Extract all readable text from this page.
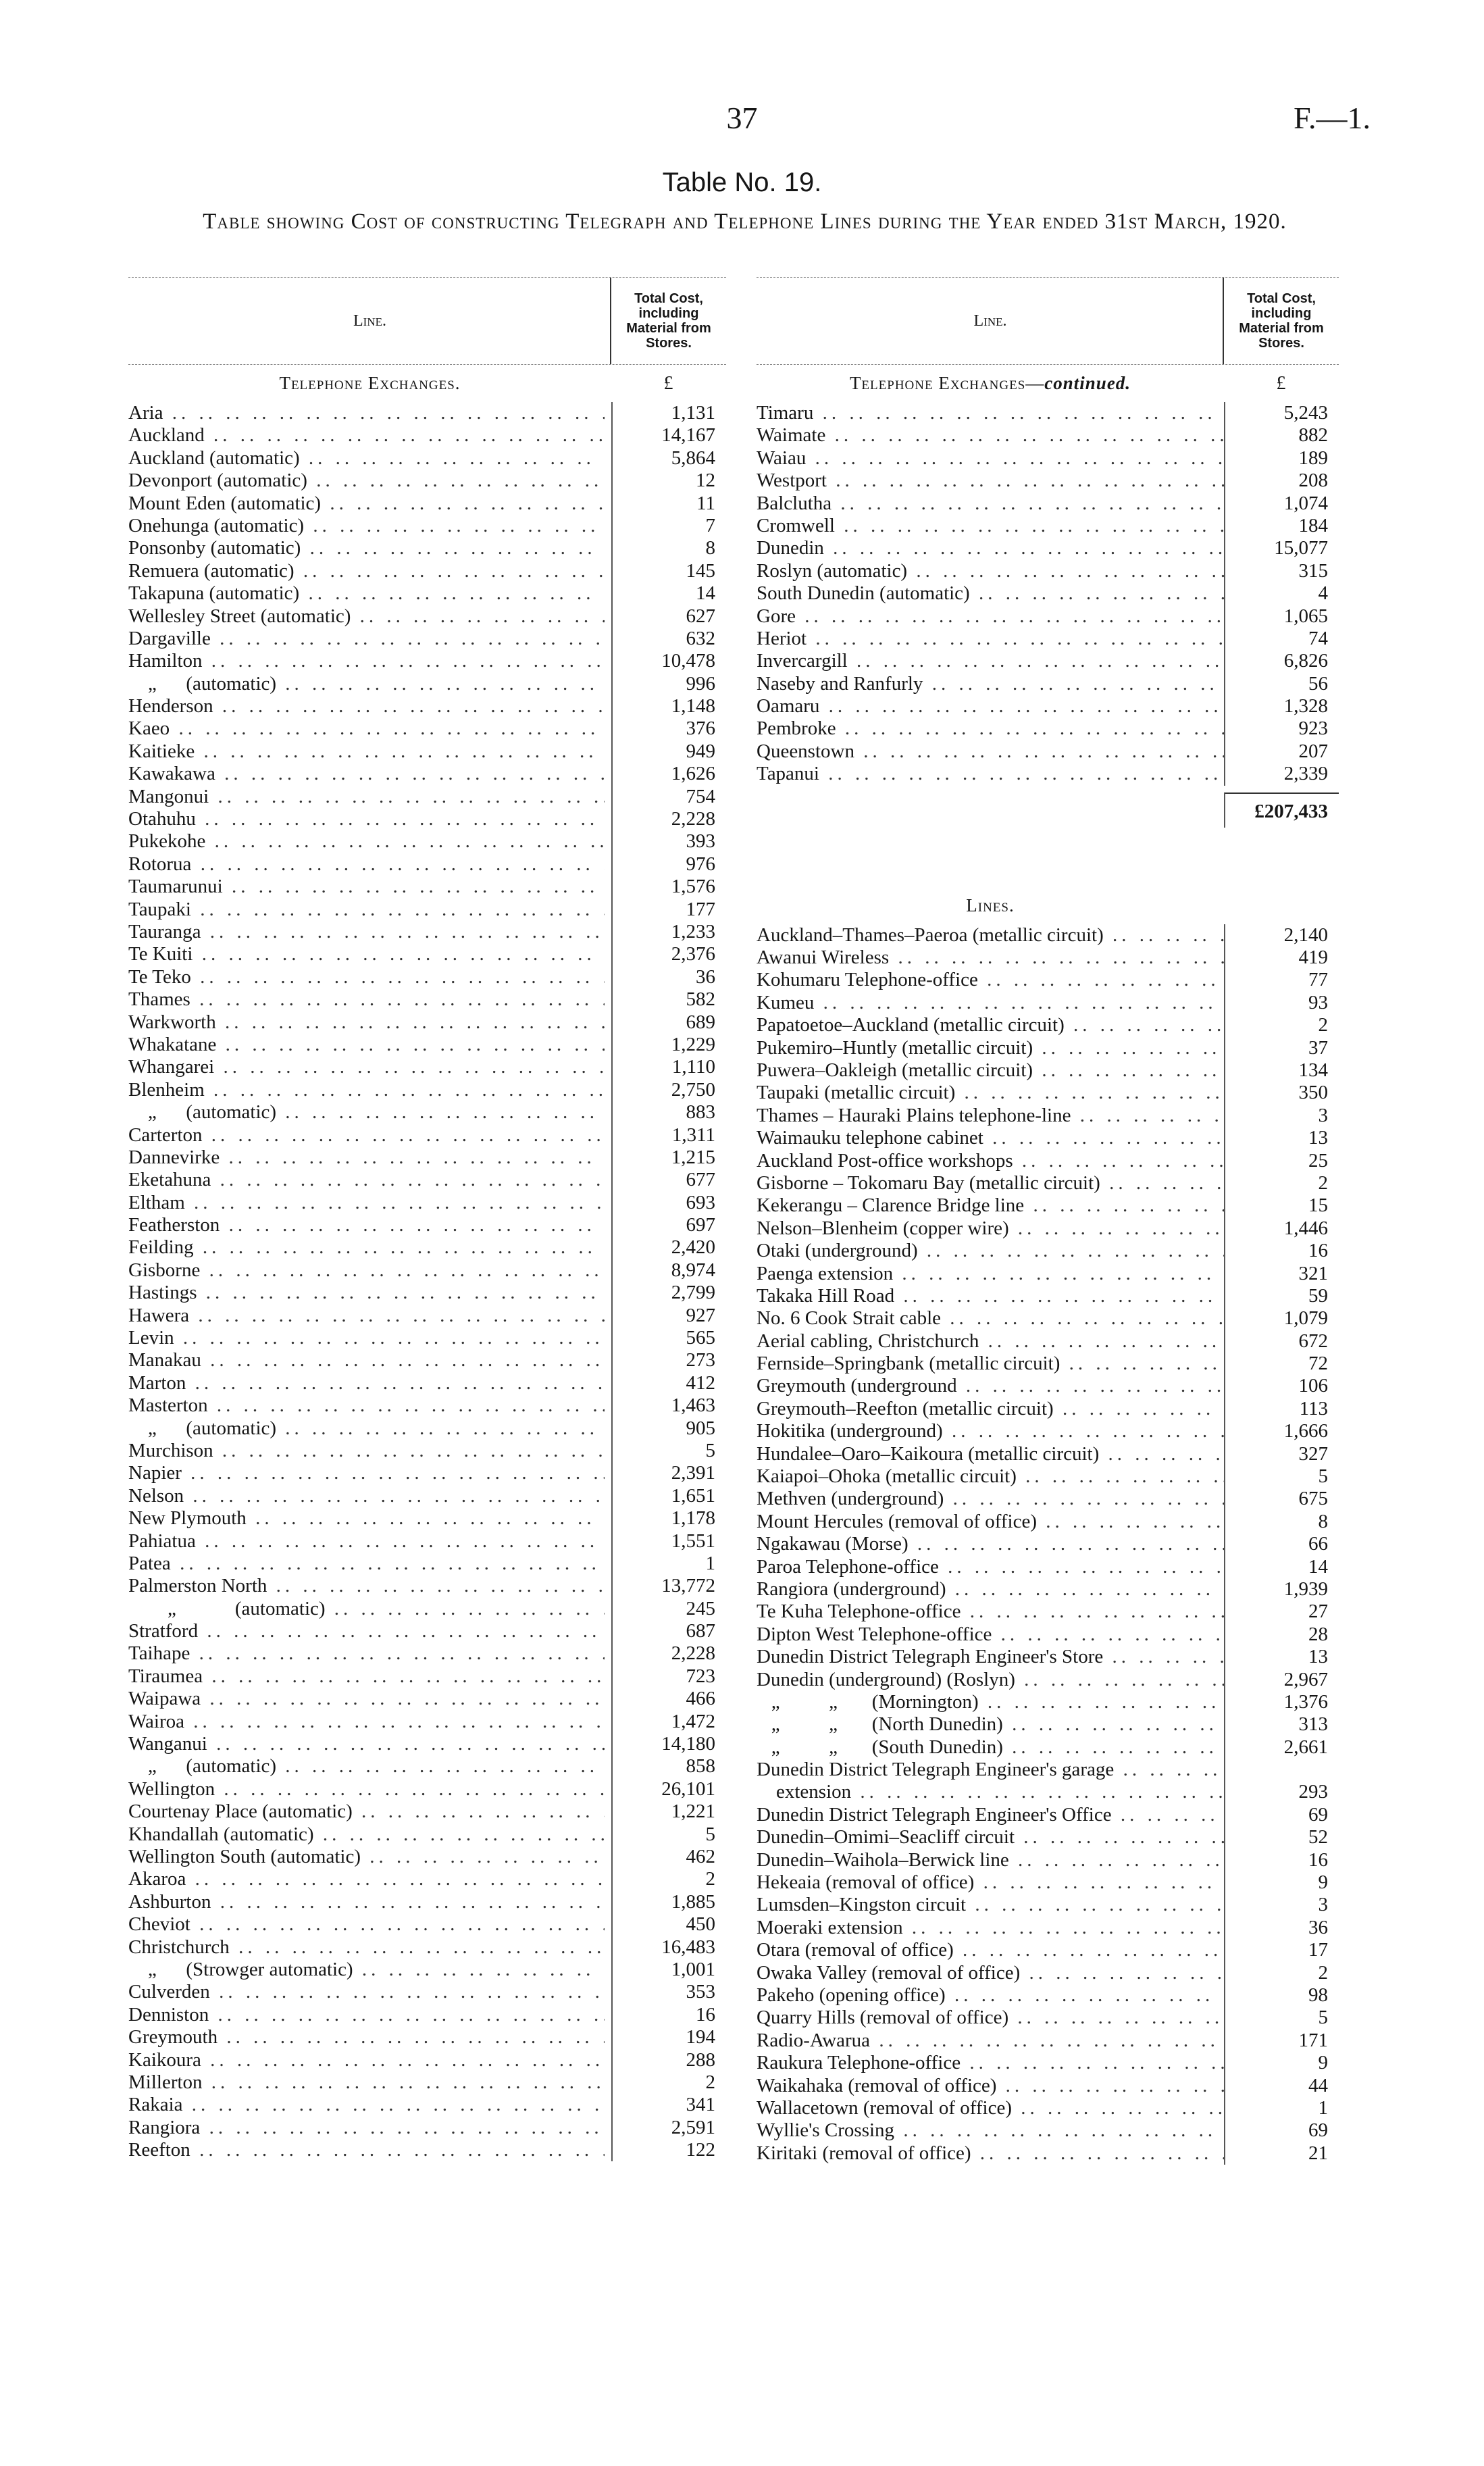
37	F.—1.
Table No. 19.
Table showing Cost of constructing Telegraph and Telephone Lines during the Year ended 31st March, 1920.
Line.
Total Cost, including Material from Stores.
Telephone Exchanges.	£
Aria .. ..	1,131
Auckland .. ..	14,167
Auckland (automatic) .. ..	5,864
Devonport (automatic) .. ..	12
Mount Eden (automatic) .. ..	11
Onehunga (automatic) .. ..	7
Ponsonby (automatic) .. ..	8
Remuera (automatic) .. ..	145
Takapuna (automatic) .. ..	14
Wellesley Street (automatic) .. ..	627
Dargaville .. ..	632
Hamilton .. ..	10,478
„      (automatic) .. ..	996
Henderson .. ..	1,148
Kaeo .. ..	376
Kaitieke .. ..	949
Kawakawa .. ..	1,626
Mangonui .. ..	754
Otahuhu .. ..	2,228
Pukekohe .. ..	393
Rotorua .. ..	976
Taumarunui .. ..	1,576
Taupaki .. ..	177
Tauranga .. ..	1,233
Te Kuiti .. ..	2,376
Te Teko .. ..	36
Thames .. ..	582
Warkworth .. ..	689
Whakatane .. ..	1,229
Whangarei .. ..	1,110
Blenheim .. ..	2,750
„      (automatic) .. ..	883
Carterton .. ..	1,311
Dannevirke .. ..	1,215
Eketahuna .. ..	677
Eltham .. ..	693
Featherston .. ..	697
Feilding .. ..	2,420
Gisborne .. ..	8,974
Hastings .. ..	2,799
Hawera .. ..	927
Levin .. ..	565
Manakau .. ..	273
Marton .. ..	412
Masterton .. ..	1,463
„      (automatic) .. ..	905
Murchison .. ..	5
Napier .. ..	2,391
Nelson .. ..	1,651
New Plymouth .. ..	1,178
Pahiatua .. ..	1,551
Patea .. ..	1
Palmerston North .. ..	13,772
„            (automatic) .. ..	245
Stratford .. ..	687
Taihape .. ..	2,228
Tiraumea .. ..	723
Waipawa .. ..	466
Wairoa .. ..	1,472
Wanganui .. ..	14,180
„      (automatic) .. ..	858
Wellington .. ..	26,101
Courtenay Place (automatic) .. ..	1,221
Khandallah (automatic) .. ..	5
Wellington South (automatic) .. ..	462
Akaroa .. ..	2
Ashburton .. ..	1,885
Cheviot .. ..	450
Christchurch .. ..	16,483
„      (Strowger automatic) .. ..	1,001
Culverden .. ..	353
Denniston .. ..	16
Greymouth .. ..	194
Kaikoura .. ..	288
Millerton .. ..	2
Rakaia .. ..	341
Rangiora .. ..	2,591
Reefton .. ..	122
Line.
Total Cost, including Material from Stores.
Telephone Exchanges—continued.	£
Timaru .. ..	5,243
Waimate .. ..	882
Waiau .. ..	189
Westport .. ..	208
Balclutha .. ..	1,074
Cromwell .. ..	184
Dunedin .. ..	15,077
Roslyn (automatic) .. ..	315
South Dunedin (automatic) .. ..	4
Gore .. ..	1,065
Heriot .. ..	74
Invercargill .. ..	6,826
Naseby and Ranfurly .. ..	56
Oamaru .. ..	1,328
Pembroke .. ..	923
Queenstown .. ..	207
Tapanui .. ..	2,339
£207,433
Lines.
Auckland–Thames–Paeroa (metallic circuit) .. ..	2,140
Awanui Wireless .. ..	419
Kohumaru Telephone-office .. ..	77
Kumeu .. ..	93
Papatoetoe–Auckland (metallic circuit) .. ..	2
Pukemiro–Huntly (metallic circuit) .. ..	37
Puwera–Oakleigh (metallic circuit) .. ..	134
Taupaki (metallic circuit) .. ..	350
Thames – Hauraki Plains telephone-line .. ..	3
Waimauku telephone cabinet .. ..	13
Auckland Post-office workshops .. ..	25
Gisborne – Tokomaru Bay (metallic circuit) .. ..	2
Kekerangu – Clarence Bridge line .. ..	15
Nelson–Blenheim (copper wire) .. ..	1,446
Otaki (underground) .. ..	16
Paenga extension .. ..	321
Takaka Hill Road .. ..	59
No. 6 Cook Strait cable .. ..	1,079
Aerial cabling, Christchurch .. ..	672
Fernside–Springbank (metallic circuit) .. ..	72
Greymouth (underground .. ..	106
Greymouth–Reefton (metallic circuit) .. ..	113
Hokitika (underground) .. ..	1,666
Hundalee–Oaro–Kaikoura (metallic circuit) .. ..	327
Kaiapoi–Ohoka (metallic circuit) .. ..	5
Methven (underground) .. ..	675
Mount Hercules (removal of office) .. ..	8
Ngakawau (Morse) .. ..	66
Paroa Telephone-office .. ..	14
Rangiora (underground) .. ..	1,939
Te Kuha Telephone-office .. ..	27
Dipton West Telephone-office .. ..	28
Dunedin District Telegraph Engineer's Store .. ..	13
Dunedin (underground) (Roslyn) .. ..	2,967
„          „       (Mornington) .. ..	1,376
„          „       (North Dunedin) .. ..	313
„          „       (South Dunedin) .. ..	2,661
Dunedin District Telegraph Engineer's garage .. ..
extension .. ..	293
Dunedin District Telegraph Engineer's Office .. ..	69
Dunedin–Omimi–Seacliff circuit .. ..	52
Dunedin–Waihola–Berwick line .. ..	16
Hekeaia (removal of office) .. ..	9
Lumsden–Kingston circuit .. ..	3
Moeraki extension .. ..	36
Otara (removal of office) .. ..	17
Owaka Valley (removal of office) .. ..	2
Pakeho (opening office) .. ..	98
Quarry Hills (removal of office) .. ..	5
Radio-Awarua .. ..	171
Raukura Telephone-office .. ..	9
Waikahaka (removal of office) .. ..	44
Wallacetown (removal of office) .. ..	1
Wyllie's Crossing .. ..	69
Kiritaki (removal of office) .. ..	21
